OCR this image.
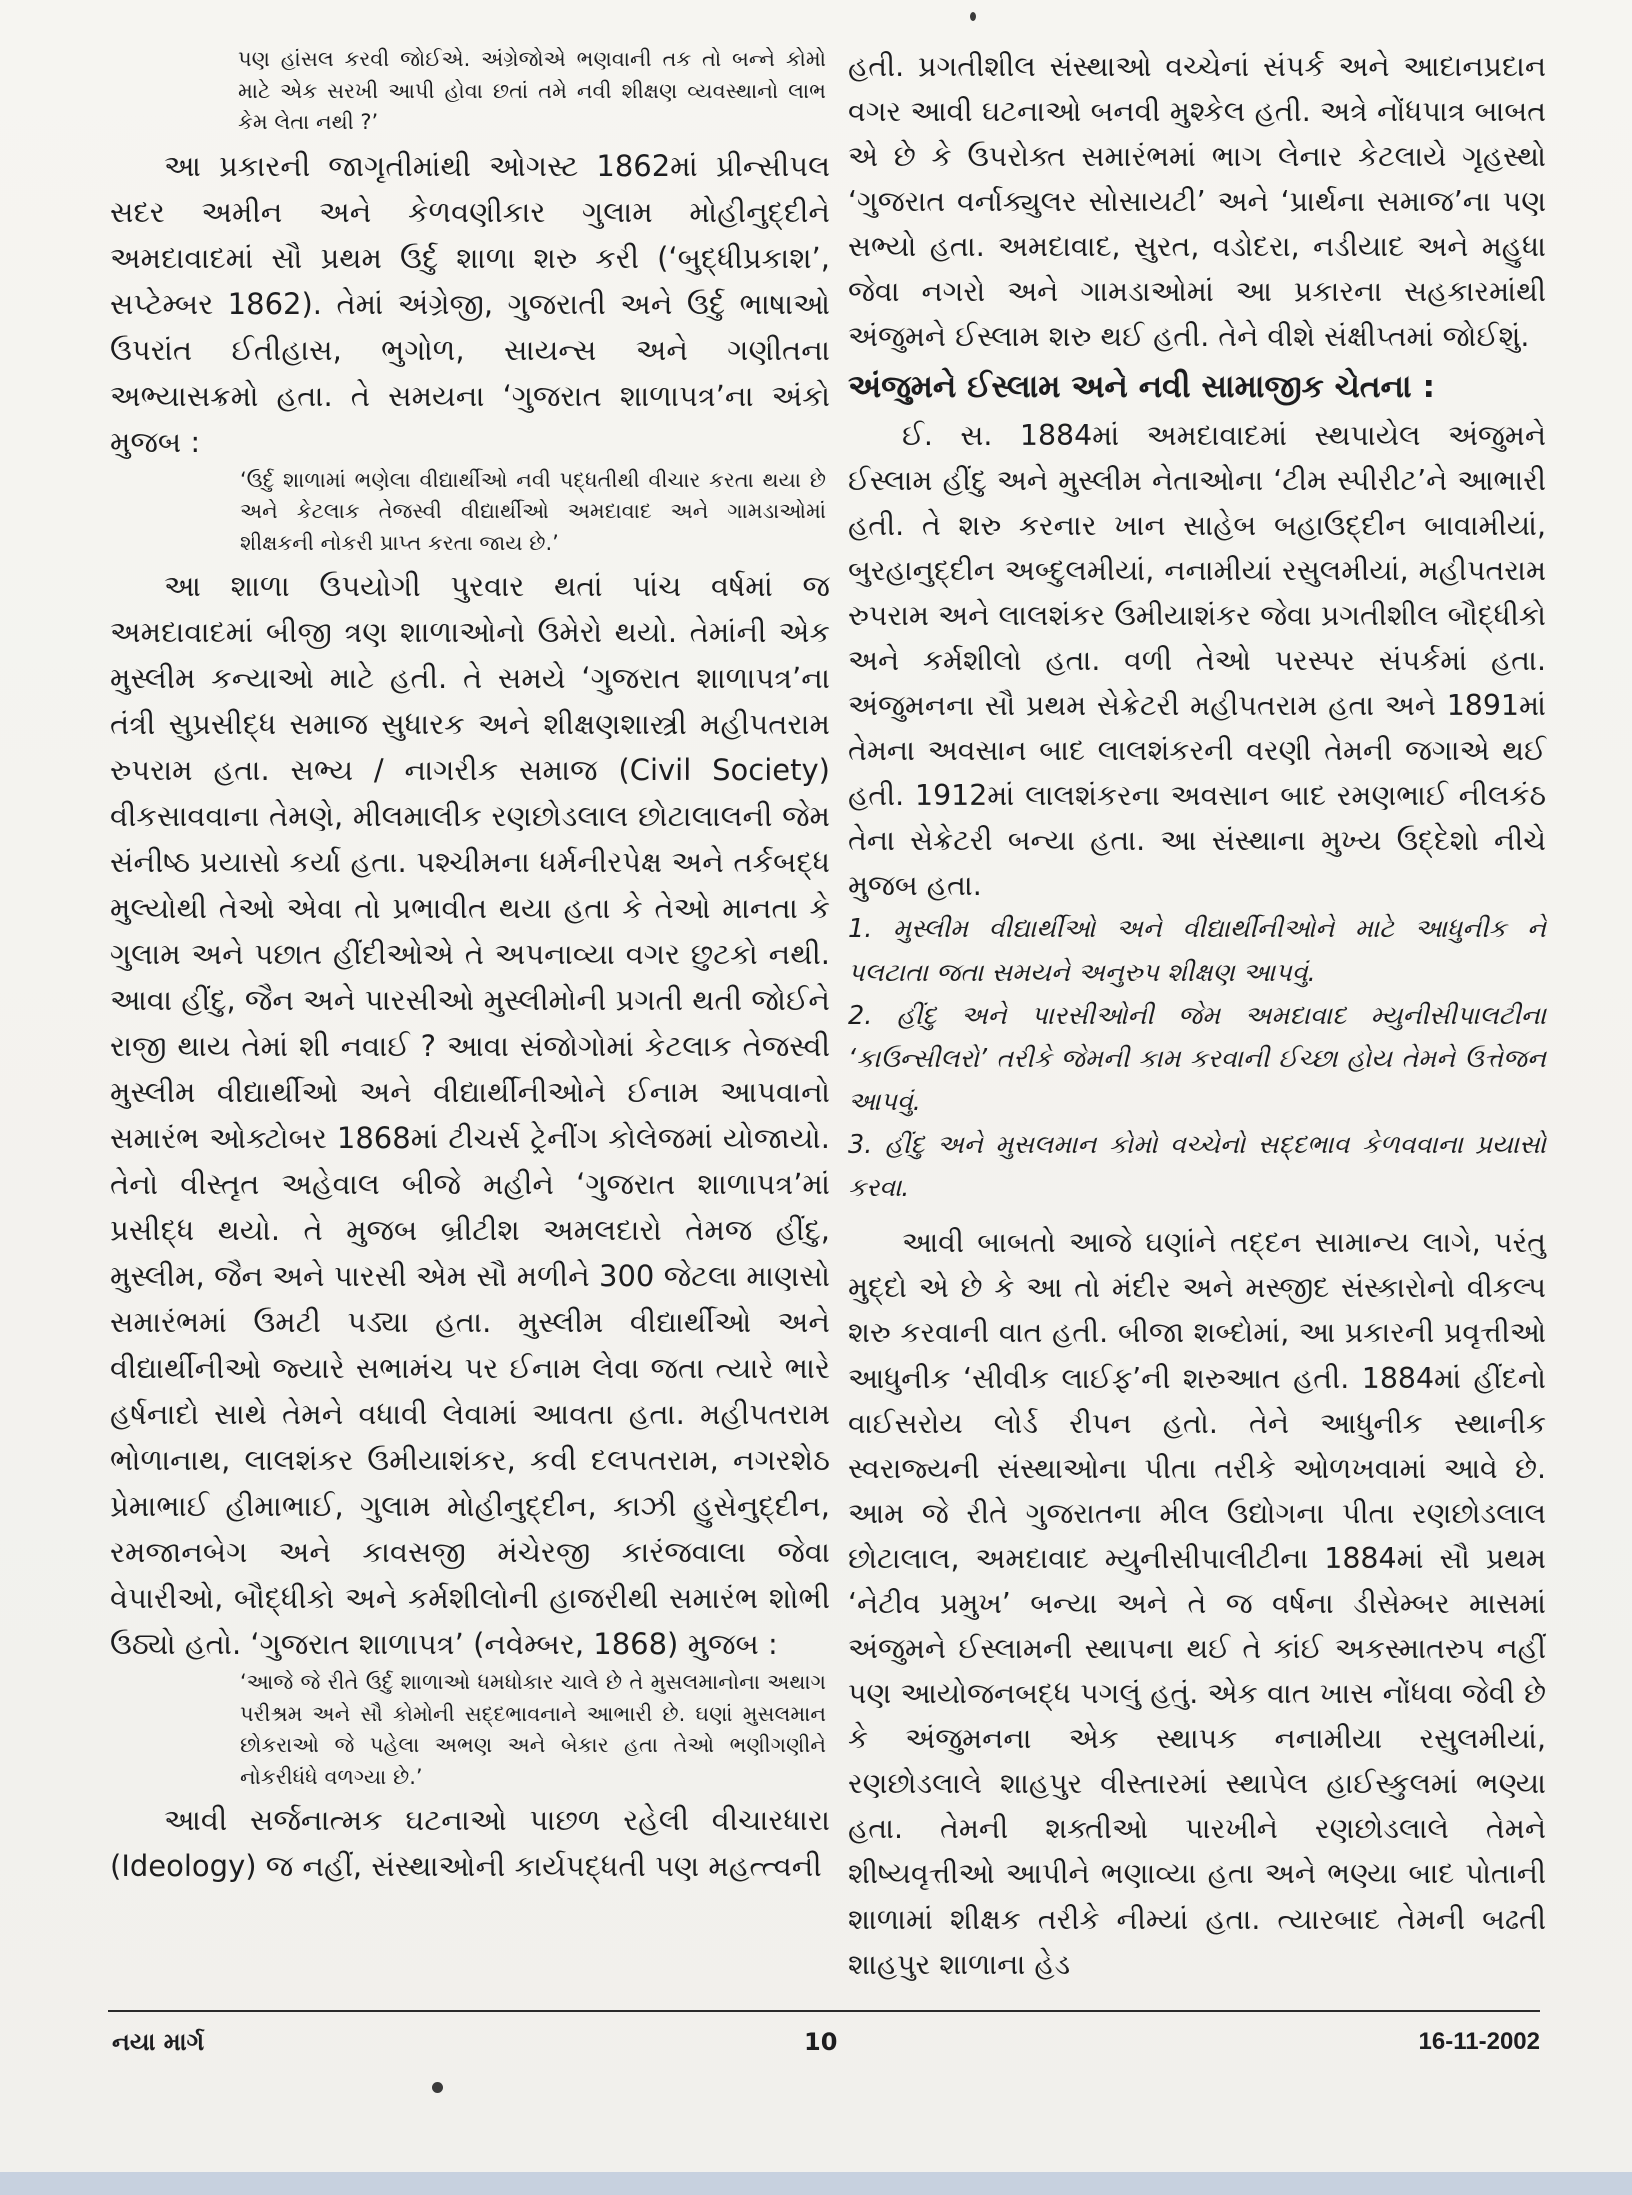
પણ હાંસલ કરવી જોઈએ. અંગ્રેજોએ ભણવાની તક તો બન્ને કોમો માટે એક સરખી આપી હોવા છતાં તમે નવી શીક્ષણ વ્યવસ્થાનો લાભ કેમ લેતા નથી ?’

આ પ્રકારની જાગૃતીમાંથી ઓગસ્ટ 1862માં પ્રીન્સીપલ સદર અમીન અને કેળવણીકાર ગુલામ મોહીનુદ્દીને અમદાવાદમાં સૌ પ્રથમ ઉર્દુ શાળા શરુ કરી (‘બુદ્ધીપ્રકાશ’, સપ્ટેમ્બર 1862). તેમાં અંગ્રેજી, ગુજરાતી અને ઉર્દુ ભાષાઓ ઉપરાંત ઈતીહાસ, ભુગોળ, સાયન્સ અને ગણીતના અભ્યાસક્રમો હતા. તે સમયના ‘ગુજરાત શાળાપત્ર’ના અંકો મુજબ :

‘ઉર્દુ શાળામાં ભણેલા વીદ્યાર્થીઓ નવી પદ્ધતીથી વીચાર કરતા થયા છે અને કેટલાક તેજસ્વી વીદ્યાર્થીઓ અમદાવાદ અને ગામડાઓમાં શીક્ષકની નોકરી પ્રાપ્ત કરતા જાય છે.’

આ શાળા ઉપયોગી પુરવાર થતાં પાંચ વર્ષમાં જ અમદાવાદમાં બીજી ત્રણ શાળાઓનો ઉમેરો થયો. તેમાંની એક મુસ્લીમ કન્યાઓ માટે હતી. તે સમયે ‘ગુજરાત શાળાપત્ર’ના તંત્રી સુપ્રસીદ્ધ સમાજ સુધારક અને શીક્ષણશાસ્ત્રી મહીપતરામ રુપરામ હતા. સભ્ય / નાગરીક સમાજ (Civil Society) વીકસાવવાના તેમણે, મીલમાલીક રણછોડલાલ છોટાલાલની જેમ સંનીષ્ઠ પ્રયાસો કર્યા હતા. પશ્ચીમના ધર્મનીરપેક્ષ અને તર્કબદ્ધ મુલ્યોથી તેઓ એવા તો પ્રભાવીત થયા હતા કે તેઓ માનતા કે ગુલામ અને પછાત હીંદીઓએ તે અપનાવ્યા વગર છુટકો નથી. આવા હીંદુ, જૈન અને પારસીઓ મુસ્લીમોની પ્રગતી થતી જોઈને રાજી થાય તેમાં શી નવાઈ ? આવા સંજોગોમાં કેટલાક તેજસ્વી મુસ્લીમ વીદ્યાર્થીઓ અને વીદ્યાર્થીનીઓને ઈનામ આપવાનો સમારંભ ઓક્ટોબર 1868માં ટીચર્સ ટ્રેનીંગ કોલેજમાં યોજાયો. તેનો વીસ્તૃત અહેવાલ બીજે મહીને ‘ગુજરાત શાળાપત્ર’માં પ્રસીદ્ધ થયો. તે મુજબ બ્રીટીશ અમલદારો તેમજ હીંદુ, મુસ્લીમ, જૈન અને પારસી એમ સૌ મળીને 300 જેટલા માણસો સમારંભમાં ઉમટી પડ્યા હતા. મુસ્લીમ વીદ્યાર્થીઓ અને વીદ્યાર્થીનીઓ જ્યારે સભામંચ પર ઈનામ લેવા જતા ત્યારે ભારે હર્ષનાદો સાથે તેમને વધાવી લેવામાં આવતા હતા. મહીપતરામ ભોળાનાથ, લાલશંકર ઉમીયાશંકર, કવી દલપતરામ, નગરશેઠ પ્રેમાભાઈ હીમાભાઈ, ગુલામ મોહીનુદ્દીન, કાઝી હુસેનુદ્દીન, રમજાનબેગ અને કાવસજી મંચેરજી કારંજવાલા જેવા વેપારીઓ, બૌદ્ધીકો અને કર્મશીલોની હાજરીથી સમારંભ શોભી ઉઠ્યો હતો. ‘ગુજરાત શાળાપત્ર’ (નવેમ્બર, 1868) મુજબ :

‘આજે જે રીતે ઉર્દુ શાળાઓ ધમધોકાર ચાલે છે તે મુસલમાનોના અથાગ પરીશ્રમ અને સૌ કોમોની સદ્દભાવનાને આભારી છે. ઘણાં મુસલમાન છોકરાઓ જે પહેલા અભણ અને બેકાર હતા તેઓ ભણીગણીને નોકરીધંધે વળગ્યા છે.’

આવી સર્જનાત્મક ઘટનાઓ પાછળ રહેલી વીચારધારા (Ideology) જ નહીં, સંસ્થાઓની કાર્યપદ્ધતી પણ મહત્ત્વની

હતી. પ્રગતીશીલ સંસ્થાઓ વચ્ચેનાં સંપર્ક અને આદાનપ્રદાન વગર આવી ઘટનાઓ બનવી મુશ્કેલ હતી. અત્રે નોંધપાત્ર બાબત એ છે કે ઉપરોક્ત સમારંભમાં ભાગ લેનાર કેટલાયે ગૃહસ્થો ‘ગુજરાત વર્નાક્યુલર સોસાયટી’ અને ‘પ્રાર્થના સમાજ’ના પણ સભ્યો હતા. અમદાવાદ, સુરત, વડોદરા, નડીયાદ અને મહુધા જેવા નગરો અને ગામડાઓમાં આ પ્રકારના સહકારમાંથી અંજુમને ઈસ્લામ શરુ થઈ હતી. તેને વીશે સંક્ષીપ્તમાં જોઈશું.

અંજુમને ઈસ્લામ અને નવી સામાજીક ચેતના :

ઈ. સ. 1884માં અમદાવાદમાં સ્થપાયેલ અંજુમને ઈસ્લામ હીંદુ અને મુસ્લીમ નેતાઓના ‘ટીમ સ્પીરીટ’ને આભારી હતી. તે શરુ કરનાર ખાન સાહેબ બહાઉદ્દીન બાવામીયાં, બુરહાનુદ્દીન અબ્દુલમીયાં, નનામીયાં રસુલમીયાં, મહીપતરામ રુપરામ અને લાલશંકર ઉમીયાશંકર જેવા પ્રગતીશીલ બૌદ્ધીકો અને કર્મશીલો હતા. વળી તેઓ પરસ્પર સંપર્કમાં હતા. અંજુમનના સૌ પ્રથમ સેક્રેટરી મહીપતરામ હતા અને 1891માં તેમના અવસાન બાદ લાલશંકરની વરણી તેમની જગાએ થઈ હતી. 1912માં લાલશંકરના અવસાન બાદ રમણભાઈ નીલકંઠ તેના સેક્રેટરી બન્યા હતા. આ સંસ્થાના મુખ્ય ઉદ્દેશો નીચે મુજબ હતા.

1. મુસ્લીમ વીદ્યાર્થીઓ અને વીદ્યાર્થીનીઓને માટે આધુનીક ને પલટાતા જતા સમયને અનુરુપ શીક્ષણ આપવું.

2. હીંદુ અને પારસીઓની જેમ અમદાવાદ મ્યુનીસીપાલટીના ‘કાઉન્સીલરો’ તરીકે જેમની કામ કરવાની ઈચ્છા હોય તેમને ઉત્તેજન આપવું.

3. હીંદુ અને મુસલમાન કોમો વચ્ચેનો સદ્દભાવ કેળવવાના પ્રયાસો કરવા.

આવી બાબતો આજે ઘણાંને તદ્દન સામાન્ય લાગે, પરંતુ મુદ્દો એ છે કે આ તો મંદીર અને મસ્જીદ સંસ્કારોનો વીકલ્પ શરુ કરવાની વાત હતી. બીજા શબ્દોમાં, આ પ્રકારની પ્રવૃત્તીઓ આધુનીક ‘સીવીક લાઈફ’ની શરુઆત હતી. 1884માં હીંદનો વાઈસરોય લોર્ડ રીપન હતો. તેને આધુનીક સ્થાનીક સ્વરાજ્યની સંસ્થાઓના પીતા તરીકે ઓળખવામાં આવે છે. આમ જે રીતે ગુજરાતના મીલ ઉદ્યોગના પીતા રણછોડલાલ છોટાલાલ, અમદાવાદ મ્યુનીસીપાલીટીના 1884માં સૌ પ્રથમ ‘નેટીવ પ્રમુખ’ બન્યા અને તે જ વર્ષના ડીસેમ્બર માસમાં અંજુમને ઈસ્લામની સ્થાપના થઈ તે કાંઈ અકસ્માતરુપ નહીં પણ આયોજનબદ્ધ પગલું હતું. એક વાત ખાસ નોંધવા જેવી છે કે અંજુમનના એક સ્થાપક નનામીયા રસુલમીયાં, રણછોડલાલે શાહપુર વીસ્તારમાં સ્થાપેલ હાઈસ્કુલમાં ભણ્યા હતા. તેમની શક્તીઓ પારખીને રણછોડલાલે તેમને શીષ્યવૃત્તીઓ આપીને ભણાવ્યા હતા અને ભણ્યા બાદ પોતાની શાળામાં શીક્ષક તરીકે નીમ્યાં હતા. ત્યારબાદ તેમની બઢતી શાહપુર શાળાના હેડ

નયા માર્ગ	10	16-11-2002
